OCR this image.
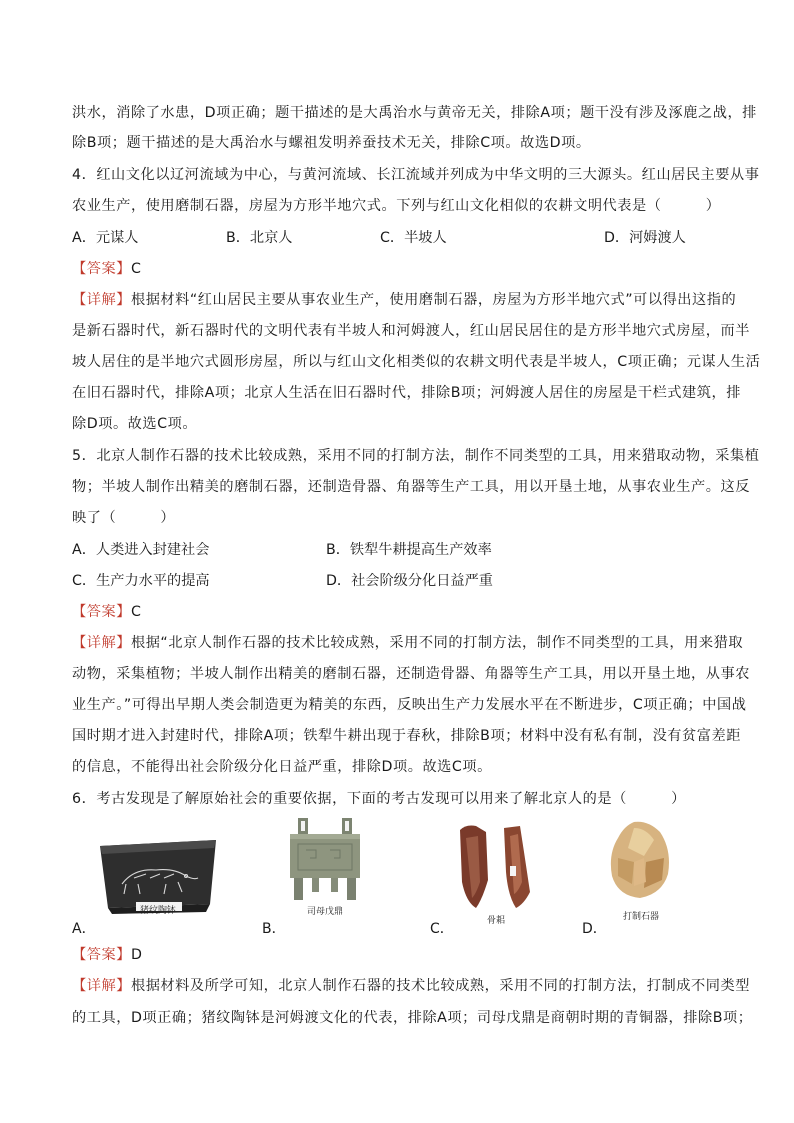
洪水，消除了水患，D项正确；题干描述的是大禹治水与黄帝无关，排除A项；题干没有涉及涿鹿之战，排
除B项；题干描述的是大禹治水与螺祖发明养蚕技术无关，排除C项。故选D项。
4．红山文化以辽河流域为中心，与黄河流域、长江流域并列成为中华文明的三大源头。红山居民主要从事
农业生产，使用磨制石器，房屋为方形半地穴式。下列与红山文化相似的农耕文明代表是（　　　）
A．元谋人	B．北京人	C．半坡人	D．河姆渡人
【答案】C
【详解】根据材料“红山居民主要从事农业生产，使用磨制石器，房屋为方形半地穴式”可以得出这指的
是新石器时代，新石器时代的文明代表有半坡人和河姆渡人，红山居民居住的是方形半地穴式房屋，而半
坡人居住的是半地穴式圆形房屋，所以与红山文化相类似的农耕文明代表是半坡人，C项正确；元谋人生活
在旧石器时代，排除A项；北京人生活在旧石器时代，排除B项；河姆渡人居住的房屋是干栏式建筑，排
除D项。故选C项。
5．北京人制作石器的技术比较成熟，采用不同的打制方法，制作不同类型的工具，用来猎取动物，采集植
物；半坡人制作出精美的磨制石器，还制造骨器、角器等生产工具，用以开垦土地，从事农业生产。这反
映了（　　　）
A．人类进入封建社会	B．铁犁牛耕提高生产效率
C．生产力水平的提高	D．社会阶级分化日益严重
【答案】C
【详解】根据“北京人制作石器的技术比较成熟，采用不同的打制方法，制作不同类型的工具，用来猎取
动物，采集植物；半坡人制作出精美的磨制石器，还制造骨器、角器等生产工具，用以开垦土地，从事农
业生产。”可得出早期人类会制造更为精美的东西，反映出生产力发展水平在不断进步，C项正确；中国战
国时期才进入封建时代，排除A项；铁犁牛耕出现于春秋，排除B项；材料中没有私有制，没有贫富差距
的信息，不能得出社会阶级分化日益严重，排除D项。故选C项。
6．考古发现是了解原始社会的重要依据，下面的考古发现可以用来了解北京人的是（　　　）
猪纹陶钵	司母戊鼎
骨耜	打制石器
A．	B．	C．	D．
【答案】D
【详解】根据材料及所学可知，北京人制作石器的技术比较成熟，采用不同的打制方法，打制成不同类型
的工具，D项正确；猪纹陶钵是河姆渡文化的代表，排除A项；司母戊鼎是商朝时期的青铜器，排除B项；
